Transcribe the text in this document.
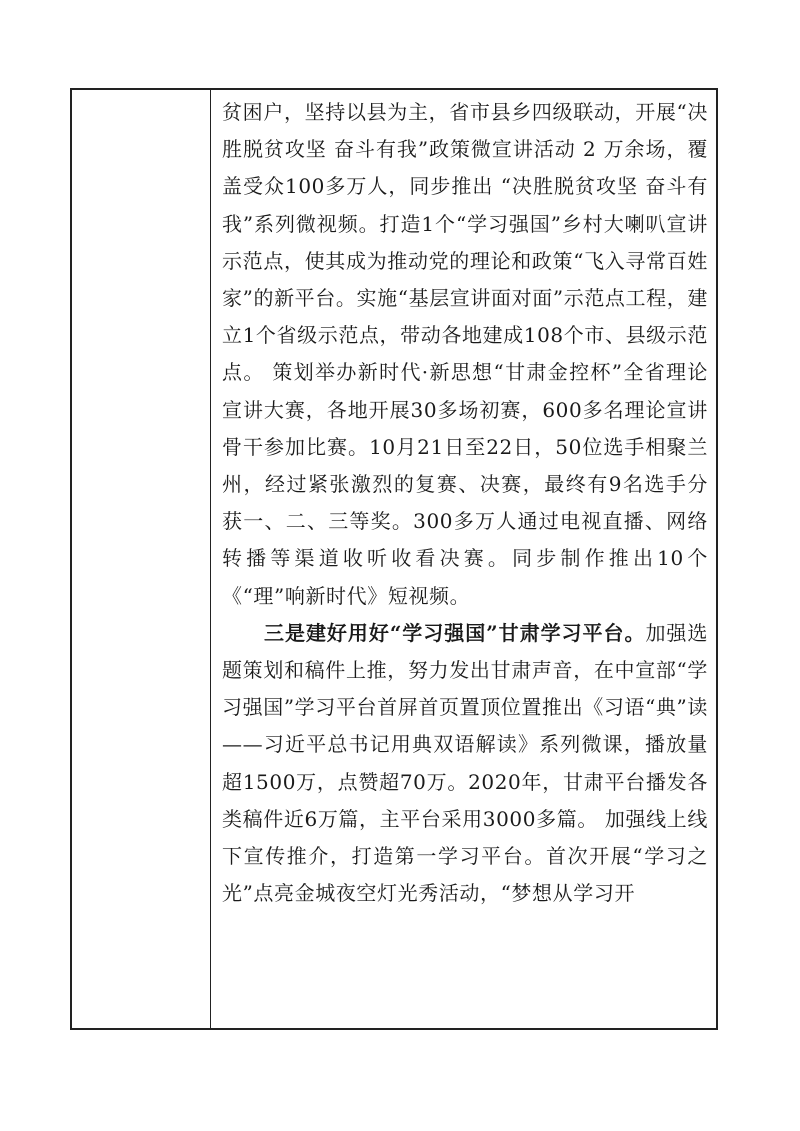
贫困户，坚持以县为主，省市县乡四级联动，开展“决胜脱贫攻坚 奋斗有我”政策微宣讲活动 2 万余场，覆盖受众100多万人，同步推出 “决胜脱贫攻坚 奋斗有我”系列微视频。打造1个“学习强国”乡村大喇叭宣讲示范点，使其成为推动党的理论和政策“飞入寻常百姓家”的新平台。实施“基层宣讲面对面”示范点工程，建立1个省级示范点，带动各地建成108个市、县级示范点。 策划举办新时代·新思想“甘肃金控杯”全省理论宣讲大赛，各地开展30多场初赛，600多名理论宣讲骨干参加比赛。10月21日至22日，50位选手相聚兰州，经过紧张激烈的复赛、决赛，最终有9名选手分获一、二、三等奖。300多万人通过电视直播、网络转播等渠道收听收看决赛。同步制作推出10个《“理”响新时代》短视频。

三是建好用好“学习强国”甘肃学习平台。加强选题策划和稿件上推，努力发出甘肃声音，在中宣部“学习强国”学习平台首屏首页置顶位置推出《习语“典”读——习近平总书记用典双语解读》系列微课，播放量超1500万，点赞超70万。2020年，甘肃平台播发各类稿件近6万篇，主平台采用3000多篇。 加强线上线下宣传推介，打造第一学习平台。首次开展“学习之光”点亮金城夜空灯光秀活动，“梦想从学习开
